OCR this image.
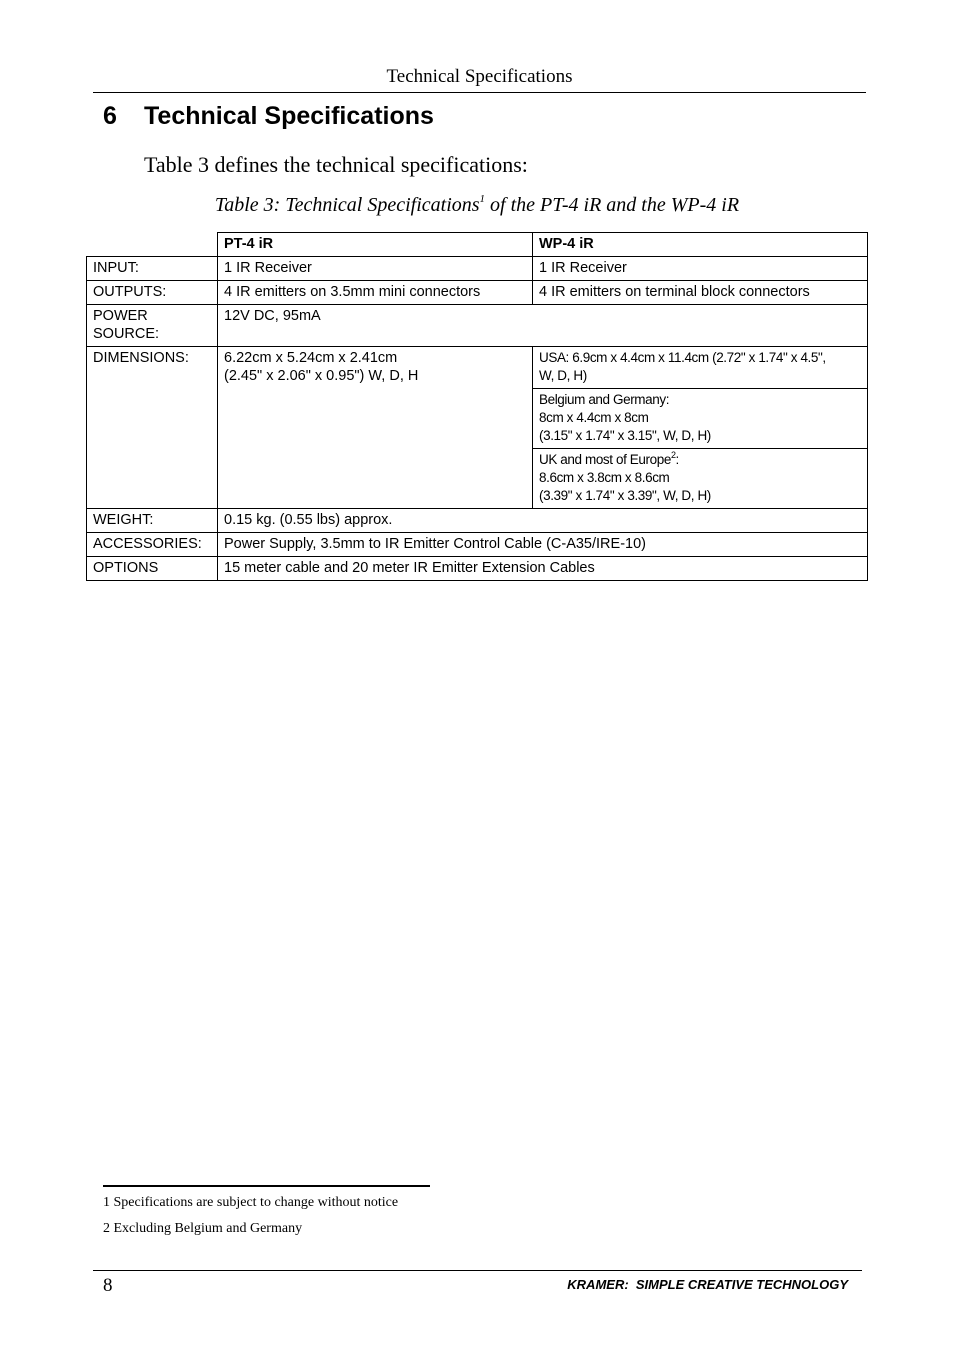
Technical Specifications
6 Technical Specifications

Table 3 defines the technical specifications:

Table 3: Technical Specifications$^1$ of the PT-4 iR and the WP-4 iR

	PT-4 iR	WP-4 iR
INPUT:	1 IR Receiver	1 IR Receiver
OUTPUTS:	4 IR emitters on 3.5mm mini connectors	4 IR emitters on terminal block connectors
POWER
SOURCE:	12V DC, 95mA	
DIMENSIONS:	6.22cm x 5.24cm x 2.41cm
(2.45" x 2.06" x 0.95") W, D, H	USA: 6.9cm x 4.4cm x 11.4cm (2.72" x 1.74" x 4.5",
W, D, H)
		Belgium and Germany:
8cm x 4.4cm x 8cm
(3.15" x 1.74" x 3.15", W, D, H)
		UK and most of Europe$^2$:
8.6cm x 3.8cm x 8.6cm
(3.39" x 1.74" x 3.39", W, D, H)
WEIGHT:	0.15 kg. (0.55 lbs) approx.	
ACCESSORIES:	Power Supply, 3.5mm to IR Emitter Control Cable (C-A35/IRE-10)	
OPTIONS	15 meter cable and 20 meter IR Emitter Extension Cables	

1 Specifications are subject to change without notice

2 Excluding Belgium and Germany

8	KRAMER:  SIMPLE CREATIVE TECHNOLOGY
